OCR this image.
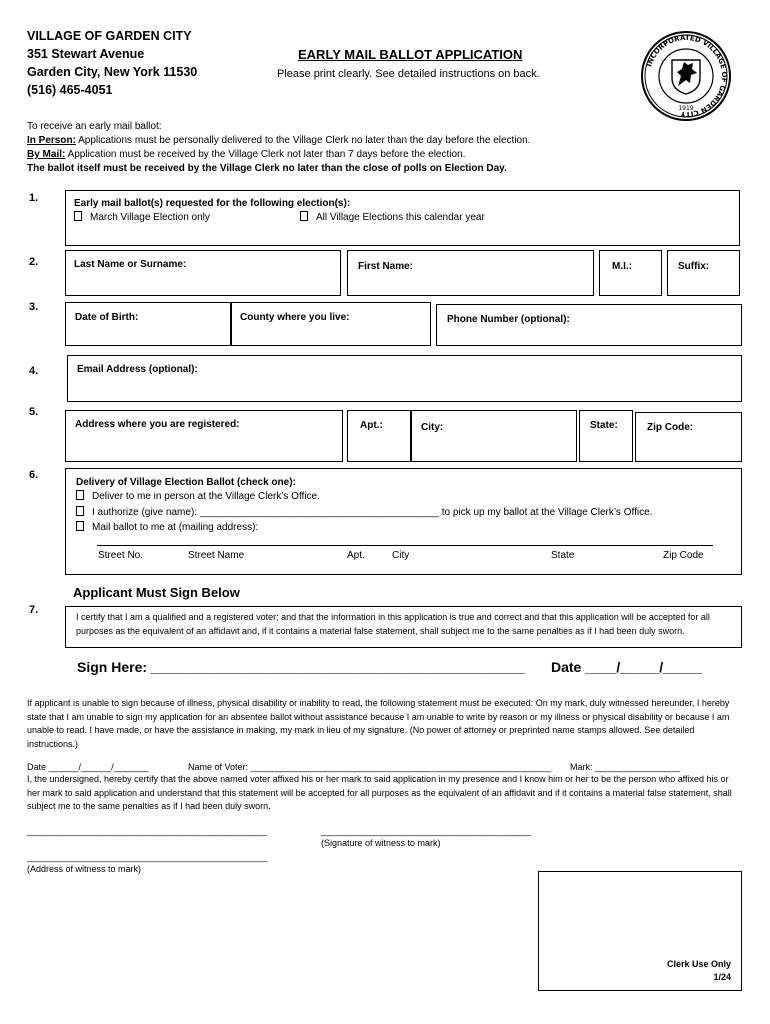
VILLAGE OF GARDEN CITY
351 Stewart Avenue
Garden City, New York 11530
(516) 465-4051
EARLY MAIL BALLOT APPLICATION
Please print clearly. See detailed instructions on back.
INCORPORATED VILLAGE OF GARDEN CITY
1919
To receive an early mail ballot:
In Person: Applications must be personally delivered to the Village Clerk no later than the day before the election.
By Mail: Application must be received by the Village Clerk not later than 7 days before the election.
The ballot itself must be received by the Village Clerk no later than the close of polls on Election Day.
1.	Early mail ballot(s) requested for the following election(s):
March Village Election only	All Village Elections this calendar year
2.	Last Name or Surname:	First Name:	M.I.:	Suffix:
3.
Date of Birth:	County where you live:	Phone Number (optional):
4.	Email Address (optional):
5.
Address where you are registered:	Apt.:	City:	State:	Zip Code:
6.
Delivery of Village Election Ballot (check one):
Deliver to me in person at the Village Clerk’s Office.
I authorize (give name): ___________________________________________ to pick up my ballot at the Village Clerk’s Office.
Mail ballot to me at (mailing address):
Street No.	Street Name	Apt.	City	State	Zip Code
Applicant Must Sign Below
7.
I certify that I am a qualified and a registered voter; and that the information in this application is true and correct and that this application will be accepted for all purposes as the equivalent of an affidavit and, if it contains a material false statement, shall subject me to the same penalties as if I had been duly sworn.
Sign Here: ________________________________________________ Date ____/_____/_____
If applicant is unable to sign because of illness, physical disability or inability to read, the following statement must be executed: On my mark, duly witnessed hereunder, I hereby state that I am unable to sign my application for an absentee ballot without assistance because I am unable to write by reason or my illness or physical disability or because I am unable to read. I have made, or have the assistance in making, my mark in lieu of my signature. (No power of attorney or preprinted name stamps allowed. See detailed instructions.)
Date ______/______/_______	Name of Voter: ____________________________________________________________ Mark: _________________
I, the undersigned, hereby certify that the above named voter affixed his or her mark to said application in my presence and I know him or her to be the person who affixed his or her mark to said application and understand that this statement will be accepted for all purposes as the equivalent of an affidavit and if it contains a material false statement, shall subject me to the same penalties as if I had been duly sworn.
________________________________________________	__________________________________________
(Signature of witness to mark)
________________________________________________
(Address of witness to mark)
Clerk Use Only
1/24
